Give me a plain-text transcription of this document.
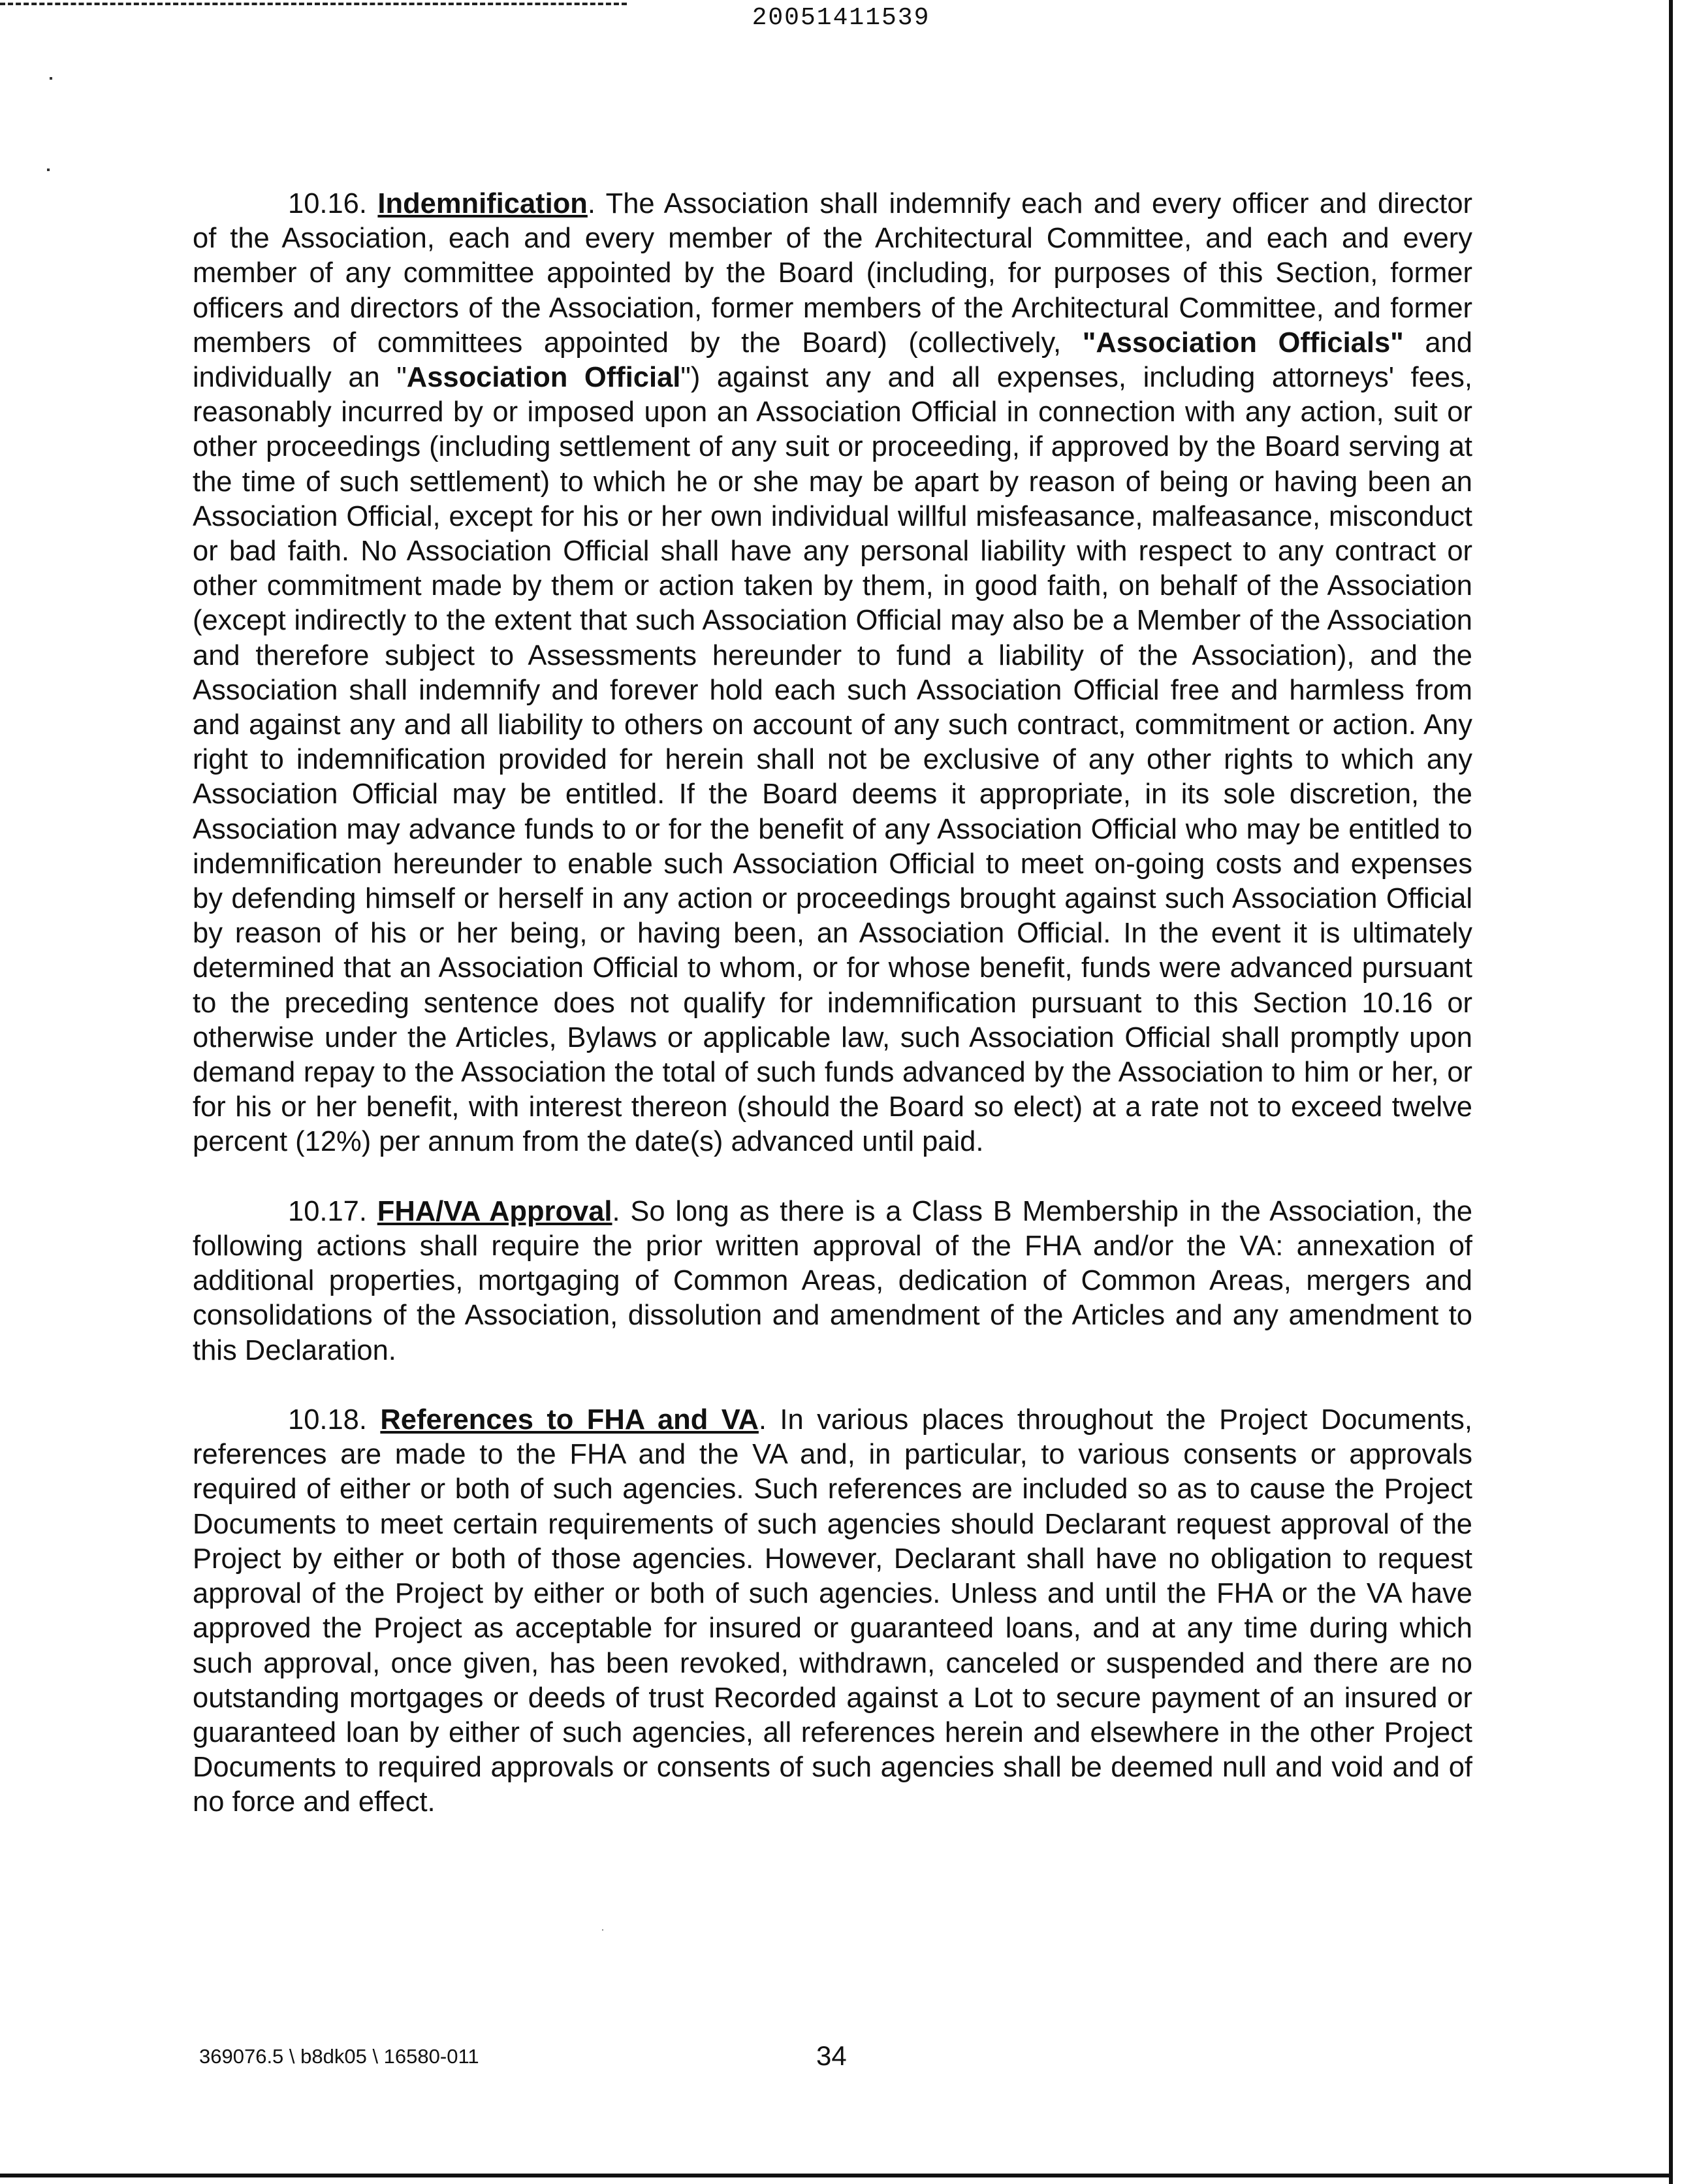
20051411539

10.16. Indemnification. The Association shall indemnify each and every officer and director of the Association, each and every member of the Architectural Committee, and each and every member of any committee appointed by the Board (including, for purposes of this Section, former officers and directors of the Association, former members of the Architectural Committee, and former members of committees appointed by the Board) (collectively, "Association Officials" and individually an "Association Official") against any and all expenses, including attorneys' fees, reasonably incurred by or imposed upon an Association Official in connection with any action, suit or other proceedings (including settlement of any suit or proceeding, if approved by the Board serving at the time of such settlement) to which he or she may be apart by reason of being or having been an Association Official, except for his or her own individual willful misfeasance, malfeasance, misconduct or bad faith. No Association Official shall have any personal liability with respect to any contract or other commitment made by them or action taken by them, in good faith, on behalf of the Association (except indirectly to the extent that such Association Official may also be a Member of the Association and therefore subject to Assessments hereunder to fund a liability of the Association), and the Association shall indemnify and forever hold each such Association Official free and harmless from and against any and all liability to others on account of any such contract, commitment or action. Any right to indemnification provided for herein shall not be exclusive of any other rights to which any Association Official may be entitled. If the Board deems it appropriate, in its sole discretion, the Association may advance funds to or for the benefit of any Association Official who may be entitled to indemnification hereunder to enable such Association Official to meet on-going costs and expenses by defending himself or herself in any action or proceedings brought against such Association Official by reason of his or her being, or having been, an Association Official. In the event it is ultimately determined that an Association Official to whom, or for whose benefit, funds were advanced pursuant to the preceding sentence does not qualify for indemnification pursuant to this Section 10.16 or otherwise under the Articles, Bylaws or applicable law, such Association Official shall promptly upon demand repay to the Association the total of such funds advanced by the Association to him or her, or for his or her benefit, with interest thereon (should the Board so elect) at a rate not to exceed twelve percent (12%) per annum from the date(s) advanced until paid.

10.17. FHA/VA Approval. So long as there is a Class B Membership in the Association, the following actions shall require the prior written approval of the FHA and/or the VA: annexation of additional properties, mortgaging of Common Areas, dedication of Common Areas, mergers and consolidations of the Association, dissolution and amendment of the Articles and any amendment to this Declaration.

10.18. References to FHA and VA. In various places throughout the Project Documents, references are made to the FHA and the VA and, in particular, to various consents or approvals required of either or both of such agencies. Such references are included so as to cause the Project Documents to meet certain requirements of such agencies should Declarant request approval of the Project by either or both of those agencies. However, Declarant shall have no obligation to request approval of the Project by either or both of such agencies. Unless and until the FHA or the VA have approved the Project as acceptable for insured or guaranteed loans, and at any time during which such approval, once given, has been revoked, withdrawn, canceled or suspended and there are no outstanding mortgages or deeds of trust Recorded against a Lot to secure payment of an insured or guaranteed loan by either of such agencies, all references herein and elsewhere in the other Project Documents to required approvals or consents of such agencies shall be deemed null and void and of no force and effect.

369076.5 \ b8dk05 \ 16580-011	34
